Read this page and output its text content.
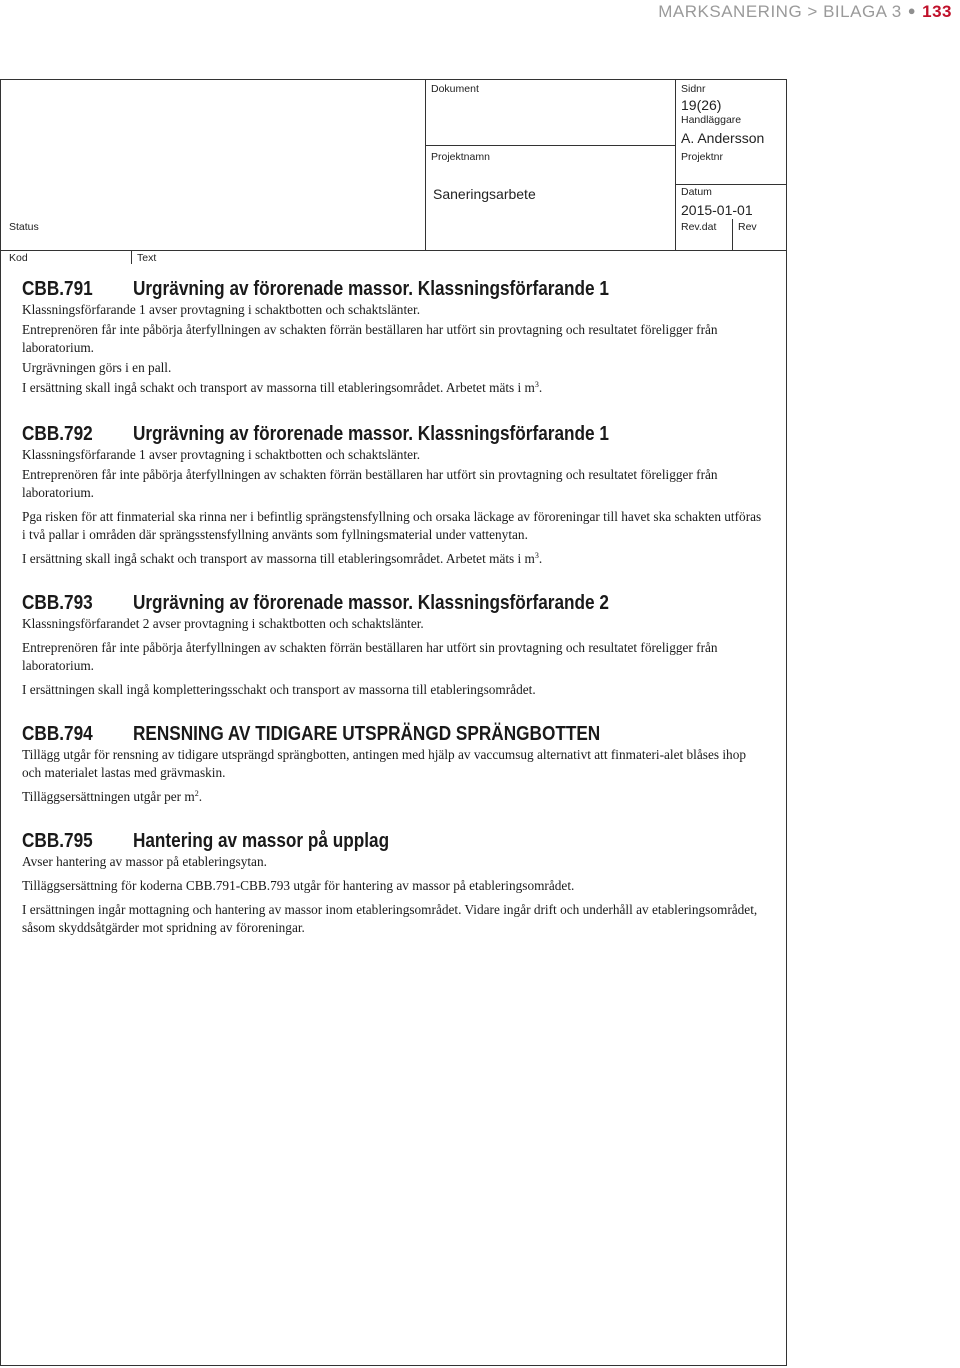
MARKSANERING > BILAGA 3 ● 133
Dokument	Sidnr
19(26)
Handläggare
A. Andersson
Projektnamn	Projektnr
Saneringsarbete	Datum
2015-01-01
Status	Rev.dat Rev
Kod	Text
CBB.791	Urgrävning av förorenade massor. Klassningsförfarande 1

Klassningsförfarande 1 avser provtagning i schaktbotten och schaktslänter.

Entreprenören får inte påbörja återfyllningen av schakten förrän beställaren har utfört sin provtagning och resultatet föreligger från laboratorium.

Urgrävningen görs i en pall.

I ersättning skall ingå schakt och transport av massorna till etableringsområdet. Arbetet mäts i $m^3$.

CBB.792	Urgrävning av förorenade massor. Klassningsförfarande 1

Klassningsförfarande 1 avser provtagning i schaktbotten och schaktslänter.

Entreprenören får inte påbörja återfyllningen av schakten förrän beställaren har utfört sin provtagning och resultatet föreligger från laboratorium.

Pga risken för att finmaterial ska rinna ner i befintlig sprängstensfyllning och orsaka läckage av föroreningar till havet ska schakten utföras i två pallar i områden där sprängsstensfyllning använts som fyllningsmaterial under vattenytan.

I ersättning skall ingå schakt och transport av massorna till etableringsområdet. Arbetet mäts i $m^3$.

CBB.793	Urgrävning av förorenade massor. Klassningsförfarande 2

Klassningsförfarandet 2 avser provtagning i schaktbotten och schaktslänter.

Entreprenören får inte påbörja återfyllningen av schakten förrän beställaren har utfört sin provtagning och resultatet föreligger från laboratorium.

I ersättningen skall ingå kompletteringsschakt och transport av massorna till etableringsområdet.

CBB.794	RENSNING AV TIDIGARE UTSPRÄNGD SPRÄNGBOTTEN

Tillägg utgår för rensning av tidigare utsprängd sprängbotten, antingen med hjälp av vaccumsug alternativt att finmateri-alet blåses ihop och materialet lastas med grävmaskin.

Tilläggsersättningen utgår per $m^2$.

CBB.795	Hantering av massor på upplag

Avser hantering av massor på etableringsytan.

Tilläggsersättning för koderna CBB.791-CBB.793 utgår för hantering av massor på etableringsområdet.

I ersättningen ingår mottagning och hantering av massor inom etableringsområdet. Vidare ingår drift och underhåll av etableringsområdet, såsom skyddsåtgärder mot spridning av föroreningar.
